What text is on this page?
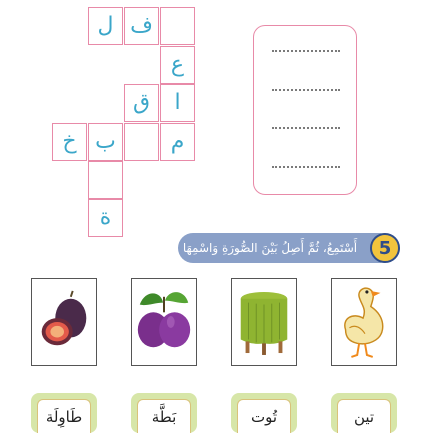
ف
ل
ع
ا
ق
م
ب
خ
ة
أَسْتَمِعُ، ثُمَّ أَصِلُ بَيْنَ الصُّورَةِ وَاسْمِهَا	5
تين
تُوت
بَطَّة
طَاوِلَة
